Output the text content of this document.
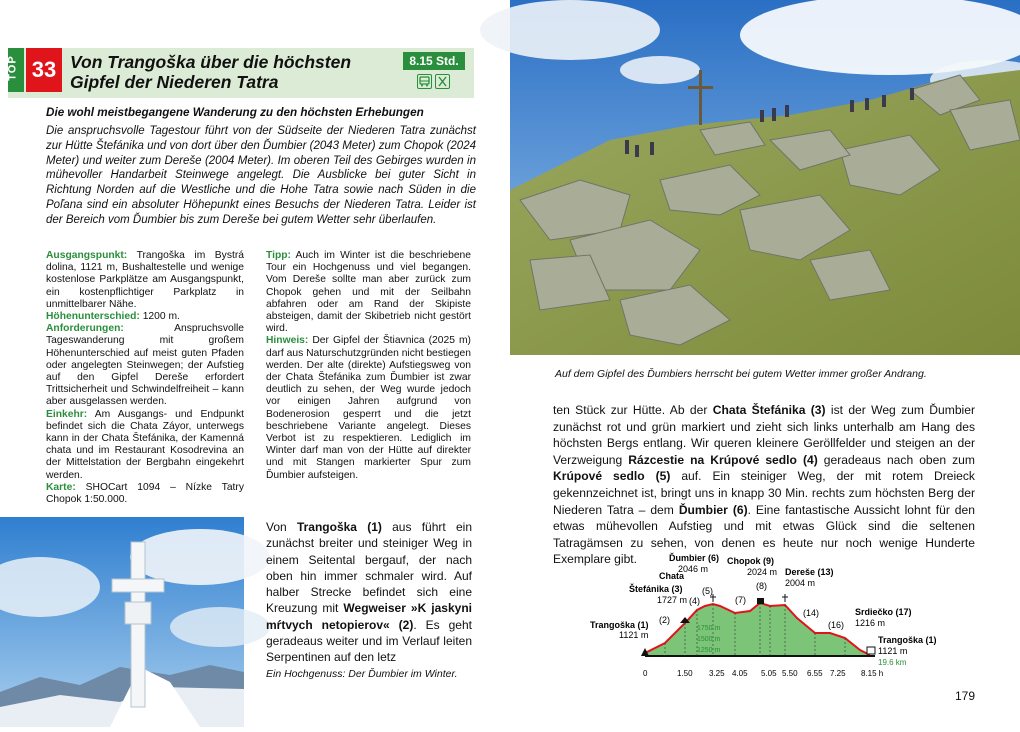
TOP 33 Von Trangoška über die höchsten
Gipfel der Niederen Tatra
8.15 Std.
Die wohl meistbegangene Wanderung zu den höchsten Erhebungen
Die anspruchsvolle Tagestour führt von der Südseite der Niederen Tatra zunächst zur Hütte Štefánika und von dort über den Ďumbier (2043 Meter) zum Chopok (2024 Meter) und weiter zum Dereše (2004 Meter). Im oberen Teil des Gebirges wurden in mühevoller Handarbeit Steinwege angelegt. Die Ausblicke bei guter Sicht in Richtung Norden auf die Westliche und die Hohe Tatra sowie nach Süden in die Poľana sind ein absoluter Höhepunkt eines Besuchs der Niederen Tatra. Leider ist der Bereich vom Ďumbier bis zum Dereše bei gutem Wetter sehr überlaufen.
Ausgangspunkt: Trangoška im Bystrá dolina, 1121 m, Bushaltestelle und wenige kostenlose Parkplätze am Ausgangspunkt, ein kostenpflichtiger Parkplatz in unmittelbarer Nähe.
Höhenunterschied: 1200 m.
Anforderungen: Anspruchsvolle Tageswanderung mit großem Höhenunterschied auf meist guten Pfaden oder angelegten Steinwegen; der Aufstieg auf den Gipfel Dereše erfordert Trittsicherheit und Schwindelfreiheit – kann aber ausgelassen werden.
Einkehr: Am Ausgangs- und Endpunkt befindet sich die Chata Záyor, unterwegs kann in der Chata Štefánika, der Kamenná chata und im Restaurant Kosodrevina an der Mittelstation der Bergbahn eingekehrt werden.
Karte: SHOCart 1094 – Nízke Tatry Chopok 1:50.000.
Tipp: Auch im Winter ist die beschriebene Tour ein Hochgenuss und viel begangen. Vom Dereše sollte man aber zurück zum Chopok gehen und mit der Seilbahn abfahren oder am Rand der Skipiste absteigen, damit der Skibetrieb nicht gestört wird.
Hinweis: Der Gipfel der Štiavnica (2025 m) darf aus Naturschutzgründen nicht bestiegen werden. Der alte (direkte) Aufstiegsweg von der Chata Štefánika zum Ďumbier ist zwar deutlich zu sehen, der Weg wurde jedoch vor einigen Jahren aufgrund von Bodenerosion gesperrt und die jetzt beschriebene Variante angelegt. Dieses Verbot ist zu respektieren. Lediglich im Winter darf man von der Hütte auf direkter und mit Stangen markierter Spur zum Ďumbier aufsteigen.
Von Trangoška (1) aus führt ein zunächst breiter und steiniger Weg in einem Seitental bergauf, der nach oben hin immer schmaler wird. Auf halber Strecke befindet sich eine Kreuzung mit Wegweiser »K jaskyni mŕtvych netopierov« (2). Es geht geradeaus weiter und im Verlauf leiten Serpentinen auf den letz
Ein Hochgenuss: Der Ďumbier im Winter.
Auf dem Gipfel des Ďumbiers herrscht bei gutem Wetter immer großer Andrang.
ten Stück zur Hütte. Ab der Chata Štefánika (3) ist der Weg zum Ďumbier zunächst rot und grün markiert und zieht sich links unterhalb am Hang des höchsten Bergs entlang. Wir queren kleinere Geröllfelder und steigen an der Verzweigung Rázcestie na Krúpové sedlo (4) geradeaus nach oben zum Krúpové sedlo (5) auf. Ein steiniger Weg, der mit rotem Dreieck gekennzeichnet ist, bringt uns in knapp 30 Min. rechts zum höchsten Berg der Niederen Tatra – dem Ďumbier (6). Eine fantastische Aussicht lohnt für den etwas mühevollen Aufstieg und mit etwas Glück sind die seltenen Tatragämsen zu sehen, von denen es heute nur noch wenige Hunderte Exemplare gibt.
1750 m
1500 m
1250 m
Trangoška (1)
1121 m
Chata
Štefánika (3)
1727 m
Ďumbier (6)
2046 m
Chopok (9)
2024 m Dereše (13)
2004 m
Srdiečko (17)
1216 m
Trangoška (1)
1121 m
19.6 km
(2)
(4)
(5)
(7)
(8)
(14)
(16)
0	1.50 3.25 4.05 5.05 5.50 6.55 7.25 8.15 h
179
